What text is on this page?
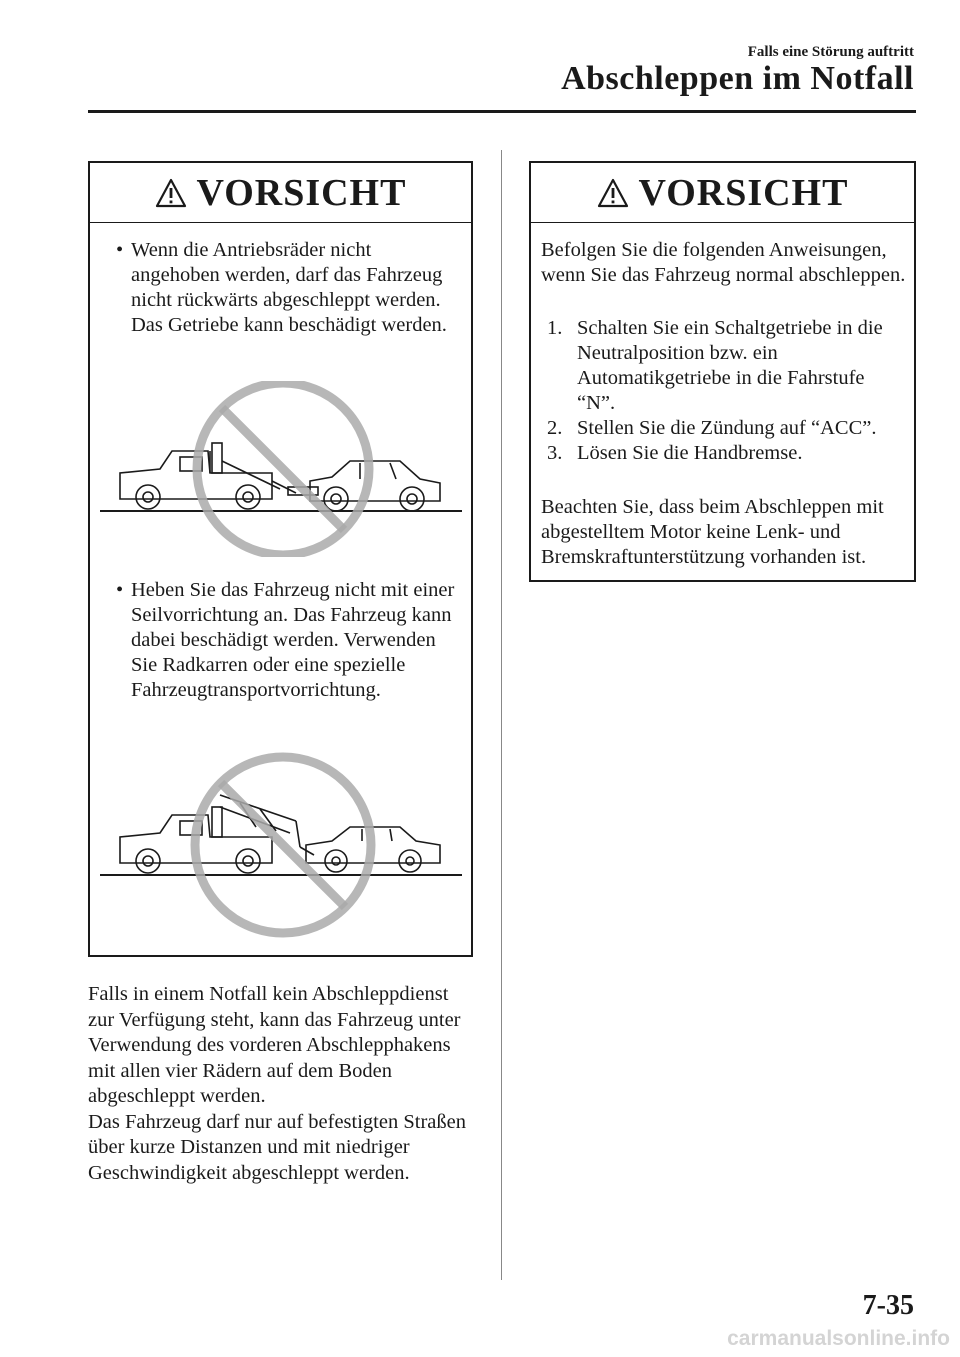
Falls eine Störung auftritt
Abschleppen im Notfall
VORSICHT
• Wenn die Antriebsräder nicht angehoben werden, darf das Fahrzeug nicht rückwärts abgeschleppt werden. Das Getriebe kann beschädigt werden.
• Heben Sie das Fahrzeug nicht mit einer Seilvorrichtung an. Das Fahrzeug kann dabei beschädigt werden. Verwenden Sie Radkarren oder eine spezielle Fahrzeugtransportvorrichtung.
VORSICHT
Befolgen Sie die folgenden Anweisungen, wenn Sie das Fahrzeug normal abschleppen.
1. Schalten Sie ein Schaltgetriebe in die Neutralposition bzw. ein Automatikgetriebe in die Fahrstufe “N”.
2. Stellen Sie die Zündung auf “ACC”.
3. Lösen Sie die Handbremse.
Beachten Sie, dass beim Abschleppen mit abgestelltem Motor keine Lenk- und Bremskraftunterstützung vorhanden ist.
Falls in einem Notfall kein Abschleppdienst zur Verfügung steht, kann das Fahrzeug unter Verwendung des vorderen Abschlepphakens mit allen vier Rädern auf dem Boden abgeschleppt werden.
Das Fahrzeug darf nur auf befestigten Straßen über kurze Distanzen und mit niedriger Geschwindigkeit abgeschleppt werden.
7-35
carmanualsonline.info
